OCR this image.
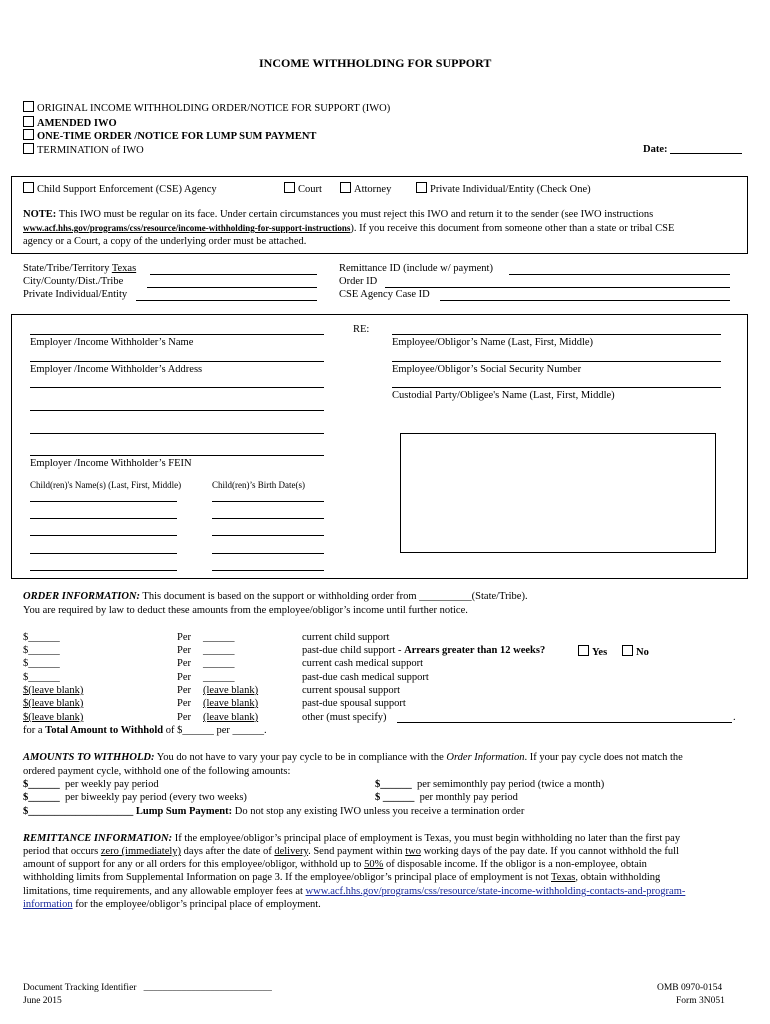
INCOME WITHHOLDING FOR SUPPORT
ORIGINAL INCOME WITHHOLDING ORDER/NOTICE FOR SUPPORT (IWO)
AMENDED IWO
ONE-TIME ORDER /NOTICE FOR LUMP SUM PAYMENT
TERMINATION of IWO	Date:
Child Support Enforcement (CSE) Agency	Court	Attorney	Private Individual/Entity (Check One)
NOTE: This IWO must be regular on its face. Under certain circumstances you must reject this IWO and return it to the sender (see IWO instructions
www.acf.hhs.gov/programs/css/resource/income-withholding-for-support-instructions). If you receive this document from someone other than a state or tribal CSE
agency or a Court, a copy of the underlying order must be attached.
State/Tribe/Territory Texas
City/County/Dist./Tribe
Private Individual/Entity
Remittance ID (include w/ payment)
Order ID
CSE Agency Case ID
Employer /Income Withholder’s Name
Employer /Income Withholder’s Address
Employer /Income Withholder’s FEIN
Child(ren)'s Name(s) (Last, First, Middle)	Child(ren)’s Birth Date(s)
RE:
Employee/Obligor’s Name (Last, First, Middle)
Employee/Obligor’s Social Security Number
Custodial Party/Obligee's Name (Last, First, Middle)
ORDER INFORMATION: This document is based on the support or withholding order from __________(State/Tribe).
You are required by law to deduct these amounts from the employee/obligor’s income until further notice.
$______	Per ______	current child support
$______	Per ______	past-due child support - Arrears greater than 12 weeks?	Yes	No
$______	Per ______	current cash medical support
$______	Per ______	past-due cash medical support
$(leave blank)	Per (leave blank)	current spousal support
$(leave blank)	Per (leave blank)	past-due spousal support
$(leave blank)	Per (leave blank)	other (must specify)	.
for a Total Amount to Withhold of $______ per ______.
AMOUNTS TO WITHHOLD: You do not have to vary your pay cycle to be in compliance with the Order Information. If your pay cycle does not match the
ordered payment cycle, withhold one of the following amounts:
$______ per weekly pay period	$______ per semimonthly pay period (twice a month)
$______ per biweekly pay period (every two weeks)	$ ______ per monthly pay period
$____________________ Lump Sum Payment: Do not stop any existing IWO unless you receive a termination order
REMITTANCE INFORMATION: If the employee/obligor’s principal place of employment is Texas, you must begin withholding no later than the first pay
period that occurs zero (immediately) days after the date of delivery. Send payment within two working days of the pay date. If you cannot withhold the full
amount of support for any or all orders for this employee/obligor, withhold up to 50% of disposable income. If the obligor is a non-employee, obtain
withholding limits from Supplemental Information on page 3. If the employee/obligor’s principal place of employment is not Texas, obtain withholding
limitations, time requirements, and any allowable employer fees at www.acf.hhs.gov/programs/css/resource/state-income-withholding-contacts-and-program-
information for the employee/obligor’s principal place of employment.
Document Tracking Identifier ___________________________
June 2015
OMB 0970-0154
Form 3N051
